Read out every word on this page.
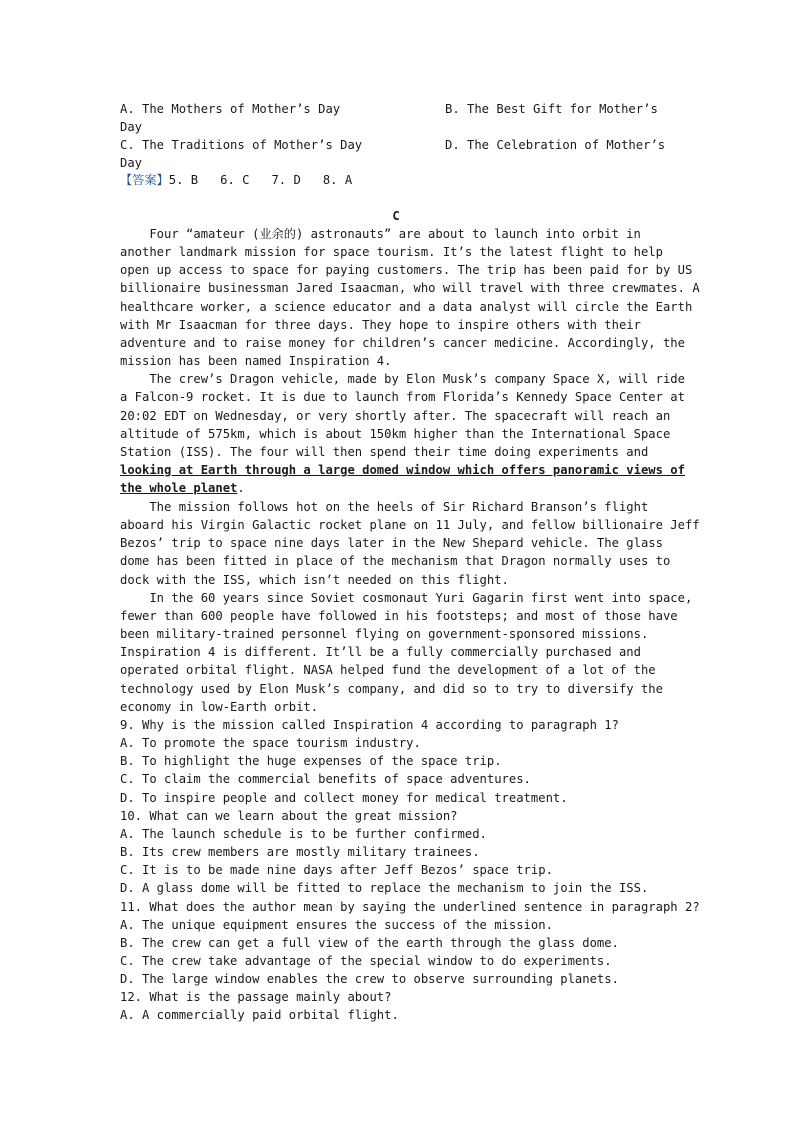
A. The Mothers of Mother’s Day	B. The Best Gift for Mother’s
Day
C. The Traditions of Mother’s Day	D. The Celebration of Mother’s
Day
【答案】5. B   6. C   7. D   8. A
C
Four “amateur (业余的) astronauts” are about to launch into orbit in
another landmark mission for space tourism. It’s the latest flight to help
open up access to space for paying customers. The trip has been paid for by US
billionaire businessman Jared Isaacman, who will travel with three crewmates. A
healthcare worker, a science educator and a data analyst will circle the Earth
with Mr Isaacman for three days. They hope to inspire others with their
adventure and to raise money for children’s cancer medicine. Accordingly, the
mission has been named Inspiration 4.
The crew’s Dragon vehicle, made by Elon Musk’s company Space X, will ride
a Falcon-9 rocket. It is due to launch from Florida’s Kennedy Space Center at
20:02 EDT on Wednesday, or very shortly after. The spacecraft will reach an
altitude of 575km, which is about 150km higher than the International Space
Station (ISS). The four will then spend their time doing experiments and
looking at Earth through a large domed window which offers panoramic views of
the whole planet.
The mission follows hot on the heels of Sir Richard Branson’s flight
aboard his Virgin Galactic rocket plane on 11 July, and fellow billionaire Jeff
Bezos’ trip to space nine days later in the New Shepard vehicle. The glass
dome has been fitted in place of the mechanism that Dragon normally uses to
dock with the ISS, which isn’t needed on this flight.
In the 60 years since Soviet cosmonaut Yuri Gagarin first went into space,
fewer than 600 people have followed in his footsteps; and most of those have
been military-trained personnel flying on government-sponsored missions.
Inspiration 4 is different. It’ll be a fully commercially purchased and
operated orbital flight. NASA helped fund the development of a lot of the
technology used by Elon Musk’s company, and did so to try to diversify the
economy in low-Earth orbit.
9. Why is the mission called Inspiration 4 according to paragraph 1?
A. To promote the space tourism industry.
B. To highlight the huge expenses of the space trip.
C. To claim the commercial benefits of space adventures.
D. To inspire people and collect money for medical treatment.
10. What can we learn about the great mission?
A. The launch schedule is to be further confirmed.
B. Its crew members are mostly military trainees.
C. It is to be made nine days after Jeff Bezos’ space trip.
D. A glass dome will be fitted to replace the mechanism to join the ISS.
11. What does the author mean by saying the underlined sentence in paragraph 2?
A. The unique equipment ensures the success of the mission.
B. The crew can get a full view of the earth through the glass dome.
C. The crew take advantage of the special window to do experiments.
D. The large window enables the crew to observe surrounding planets.
12. What is the passage mainly about?
A. A commercially paid orbital flight.
